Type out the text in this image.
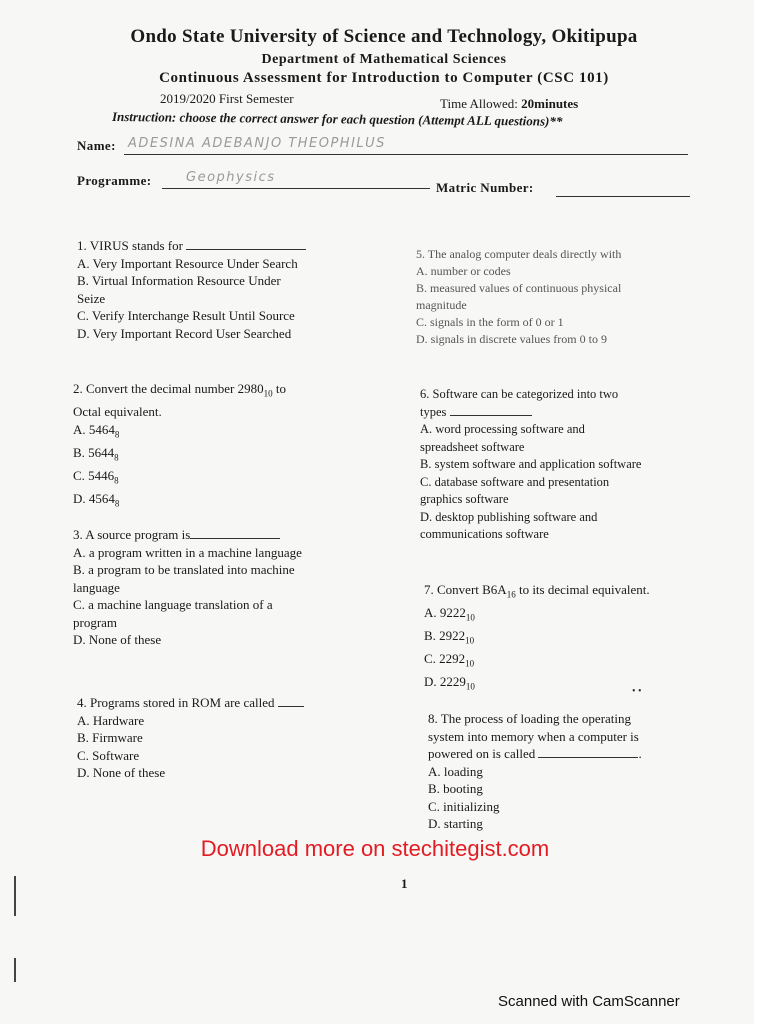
Ondo State University of Science and Technology, Okitipupa
Department of Mathematical Sciences
Continuous Assessment for Introduction to Computer (CSC 101)
2019/2020 First Semester	Time Allowed: 20minutes
Instruction: choose the correct answer for each question (Attempt ALL questions)**
Name: ADESINA ADEBANJO THEOPHILUS
Programme:	Geophysics
Matric Number:
1. VIRUS stands for
A. Very Important Resource Under Search
B. Virtual Information Resource Under
Seize
C. Verify Interchange Result Until Source
D. Very Important Record User Searched
2. Convert the decimal number $2980_{10}$ to
Octal equivalent.
A. $5464_8$
B. $5644_8$
C. $5446_8$
D. $4564_8$
3. A source program is
A. a program written in a machine language
B. a program to be translated into machine
language
C. a machine language translation of a
program
D. None of these
4. Programs stored in ROM are called
A. Hardware
B. Firmware
C. Software
D. None of these
5. The analog computer deals directly with
A. number or codes
B. measured values of continuous physical
magnitude
C. signals in the form of 0 or 1
D. signals in discrete values from 0 to 9
6. Software can be categorized into two
types
A. word processing software and
spreadsheet software
B. system software and application software
C. database software and presentation
graphics software
D. desktop publishing software and
communications software
7. Convert $B6A_{16}$ to its decimal equivalent.
A. $9222_{10}$
B. $2922_{10}$
C. $2292_{10}$
D. $2229_{10}$	• •
8. The process of loading the operating
system into memory when a computer is
powered on is called	.
A. loading
B. booting
C. initializing
D. starting
Download more on stechitegist.com
1
Scanned with CamScanner
